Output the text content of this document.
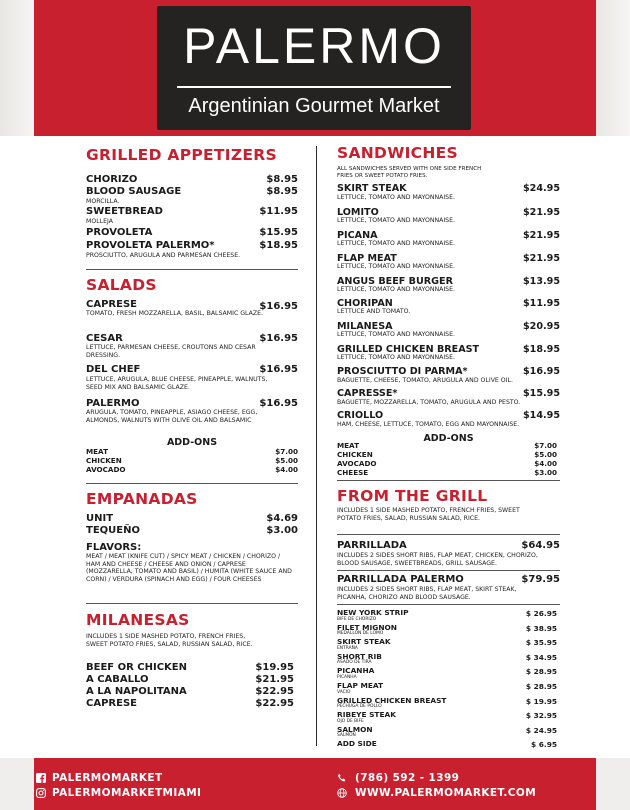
PALERMO
Argentinian Gourmet Market
GRILLED APPETIZERS
CHORIZO	$8.95
BLOOD SAUSAGE	$8.95
MORCILLA.
SWEETBREAD	$11.95
MOLLEJA
PROVOLETA	$15.95
PROVOLETA PALERMO*	$18.95
PROSCIUTTO, ARUGULA AND PARMESAN CHEESE.
SALADS
CAPRESE	$16.95
TOMATO, FRESH MOZZARELLA, BASIL, BALSAMIC GLAZE.
CESAR	$16.95
LETTUCE, PARMESAN CHEESE, CROUTONS AND CESAR DRESSING.
DEL CHEF	$16.95
LETTUCE, ARUGULA, BLUE CHEESE, PINEAPPLE, WALNUTS, SEED MIX AND BALSAMIC GLAZE.
PALERMO	$16.95
ARUGULA, TOMATO, PINEAPPLE, ASIAGO CHEESE, EGG, ALMONDS, WALNUTS WITH OLIVE OIL AND BALSAMIC
ADD-ONS
MEAT	$7.00
CHICKEN	$5.00
AVOCADO	$4.00
EMPANADAS
UNIT	$4.69
TEQUEÑO	$3.00
FLAVORS:
MEAT / MEAT (KNIFE CUT) / SPICY MEAT / CHICKEN / CHORIZO / HAM AND CHEESE / CHEESE AND ONION / CAPRESE (MOZZARELLA, TOMATO AND BASIL) / HUMITA (WHITE SAUCE AND CORN) / VERDURA (SPINACH AND EGG) / FOUR CHEESES
MILANESAS
INCLUDES 1 SIDE MASHED POTATO, FRENCH FRIES, SWEET POTATO FRIES, SALAD, RUSSIAN SALAD, RICE.
BEEF OR CHICKEN	$19.95
A CABALLO	$21.95
A LA NAPOLITANA	$22.95
CAPRESE	$22.95
SANDWICHES
ALL SANDWICHES SERVED WITH ONE SIDE FRENCH FRIES OR SWEET POTATO FRIES.
SKIRT STEAK	$24.95
LETTUCE, TOMATO AND MAYONNAISE.
LOMITO	$21.95
LETTUCE, TOMATO AND MAYONNAISE.
PICANA	$21.95
LETTUCE, TOMATO AND MAYONNAISE.
FLAP MEAT	$21.95
LETTUCE, TOMATO AND MAYONNAISE.
ANGUS BEEF BURGER	$13.95
LETTUCE, TOMATO AND MAYONNAISE.
CHORIPAN	$11.95
LETTUCE AND TOMATO.
MILANESA	$20.95
LETTUCE, TOMATO AND MAYONNAISE.
GRILLED CHICKEN BREAST	$18.95
LETTUCE, TOMATO AND MAYONNAISE.
PROSCIUTTO DI PARMA*	$16.95
BAGUETTE, CHEESE, TOMATO, ARUGULA AND OLIVE OIL.
CAPRESSE*	$15.95
BAGUETTE, MOZZARELLA, TOMATO, ARUGULA AND PESTO.
CRIOLLO	$14.95
HAM, CHEESE, LETTUCE, TOMATO, EGG AND MAYONNAISE.
ADD-ONS
MEAT	$7.00
CHICKEN	$5.00
AVOCADO	$4.00
CHEESE	$3.00
FROM THE GRILL
INCLUDES 1 SIDE MASHED POTATO, FRENCH FRIES, SWEET POTATO FRIES, SALAD, RUSSIAN SALAD, RICE.
PARRILLADA	$64.95
INCLUDES 2 SIDES SHORT RIBS, FLAP MEAT, CHICKEN, CHORIZO, BLOOD SAUSAGE, SWEETBREADS, GRILL SAUSAGE.
PARRILLADA PALERMO	$79.95
INCLUDES 2 SIDES SHORT RIBS, FLAP MEAT, SKIRT STEAK, PICANHA, CHORIZO AND BLOOD SAUSAGE.
NEW YORK STRIP	$ 26.95
BIFE DE CHORIZO
FILET MIGNON	$ 38.95
MEDALLÓN DE LOMO
SKIRT STEAK	$ 35.95
ENTRAÑA
SHORT RIB	$ 34.95
ASADO DE TIRA
PICANHA	$ 28.95
PICANHA
FLAP MEAT	$ 28.95
VACIO
GRILLED CHICKEN BREAST	$ 19.95
PECHUGA DE POLLO
RIBEYE STEAK	$ 32.95
OJO DE BIFE
SALMON	$ 24.95
SALMON
ADD SIDE	$ 6.95
PALERMOMARKET
PALERMOMARKETMIAMI
(786) 592 - 1399
WWW.PALERMOMARKET.COM
